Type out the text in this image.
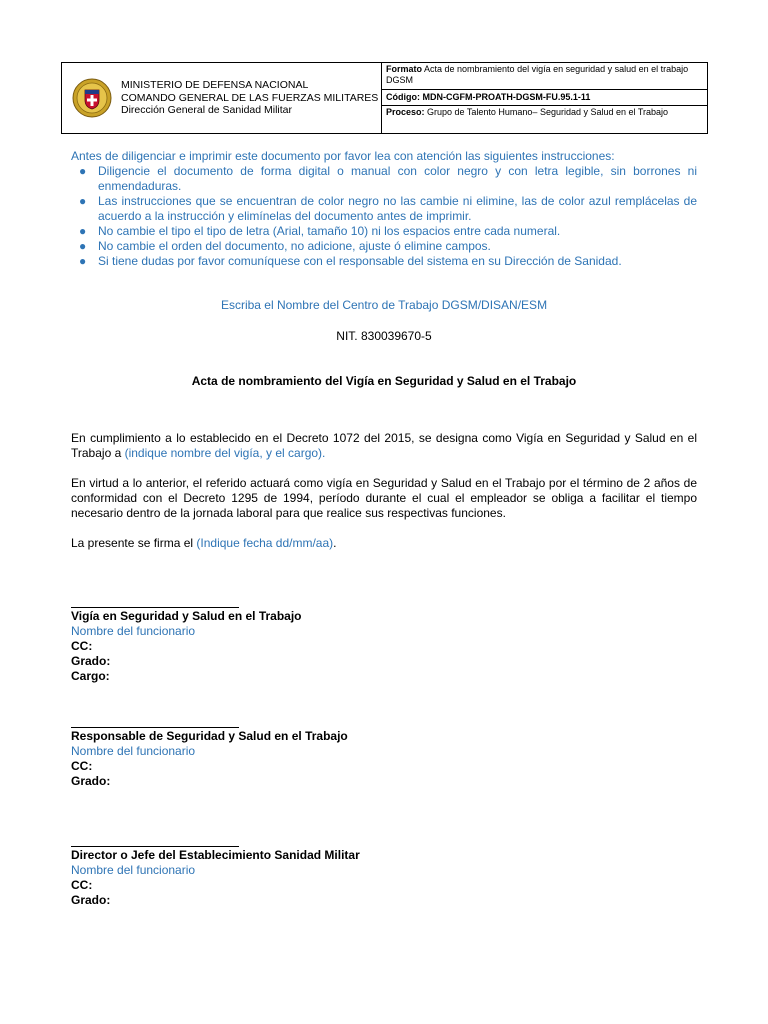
MINISTERIO DE DEFENSA NACIONAL
COMANDO GENERAL DE LAS FUERZAS MILITARES
Dirección General de Sanidad Militar
Formato Acta de nombramiento del vigía en seguridad y salud en el trabajo DGSM
Código:
MDN-CGFM-PROATH-DGSM-FU.95.1-11
Proceso: Grupo de Talento Humano– Seguridad y Salud en el Trabajo
Antes de diligenciar e imprimir este documento por favor lea con atención las siguientes instrucciones:
● Diligencie el documento de forma digital o manual con color negro y con letra legible, sin borrones ni enmendaduras.
● Las instrucciones que se encuentran de color negro no las cambie ni elimine, las de color azul remplácelas de acuerdo a la instrucción y elimínelas del documento antes de imprimir.
● No cambie el tipo el tipo de letra (Arial, tamaño 10) ni los espacios entre cada numeral.
● No cambie el orden del documento, no adicione, ajuste ó elimine campos.
● Si tiene dudas por favor comuníquese con el responsable del sistema en su Dirección de Sanidad.
Escriba el Nombre del Centro de Trabajo DGSM/DISAN/ESM
NIT. 830039670-5
Acta de nombramiento del Vigía en Seguridad y Salud en el Trabajo

En cumplimiento a lo establecido en el Decreto 1072 del 2015, se designa como Vigía en Seguridad y Salud en el Trabajo a (indique nombre del vigía, y el cargo).

En virtud a lo anterior, el referido actuará como vigía en Seguridad y Salud en el Trabajo por el término de 2 años de conformidad con el Decreto 1295 de 1994, período durante el cual el empleador se obliga a facilitar el tiempo necesario dentro de la jornada laboral para que realice sus respectivas funciones.

La presente se firma el (Indique fecha dd/mm/aa).

Vigía en Seguridad y Salud en el Trabajo
Nombre del funcionario
CC:
Grado:
Cargo:
Responsable de Seguridad y Salud en el Trabajo
Nombre del funcionario
CC:
Grado:
Director o Jefe del Establecimiento Sanidad Militar
Nombre del funcionario
CC:
Grado:
